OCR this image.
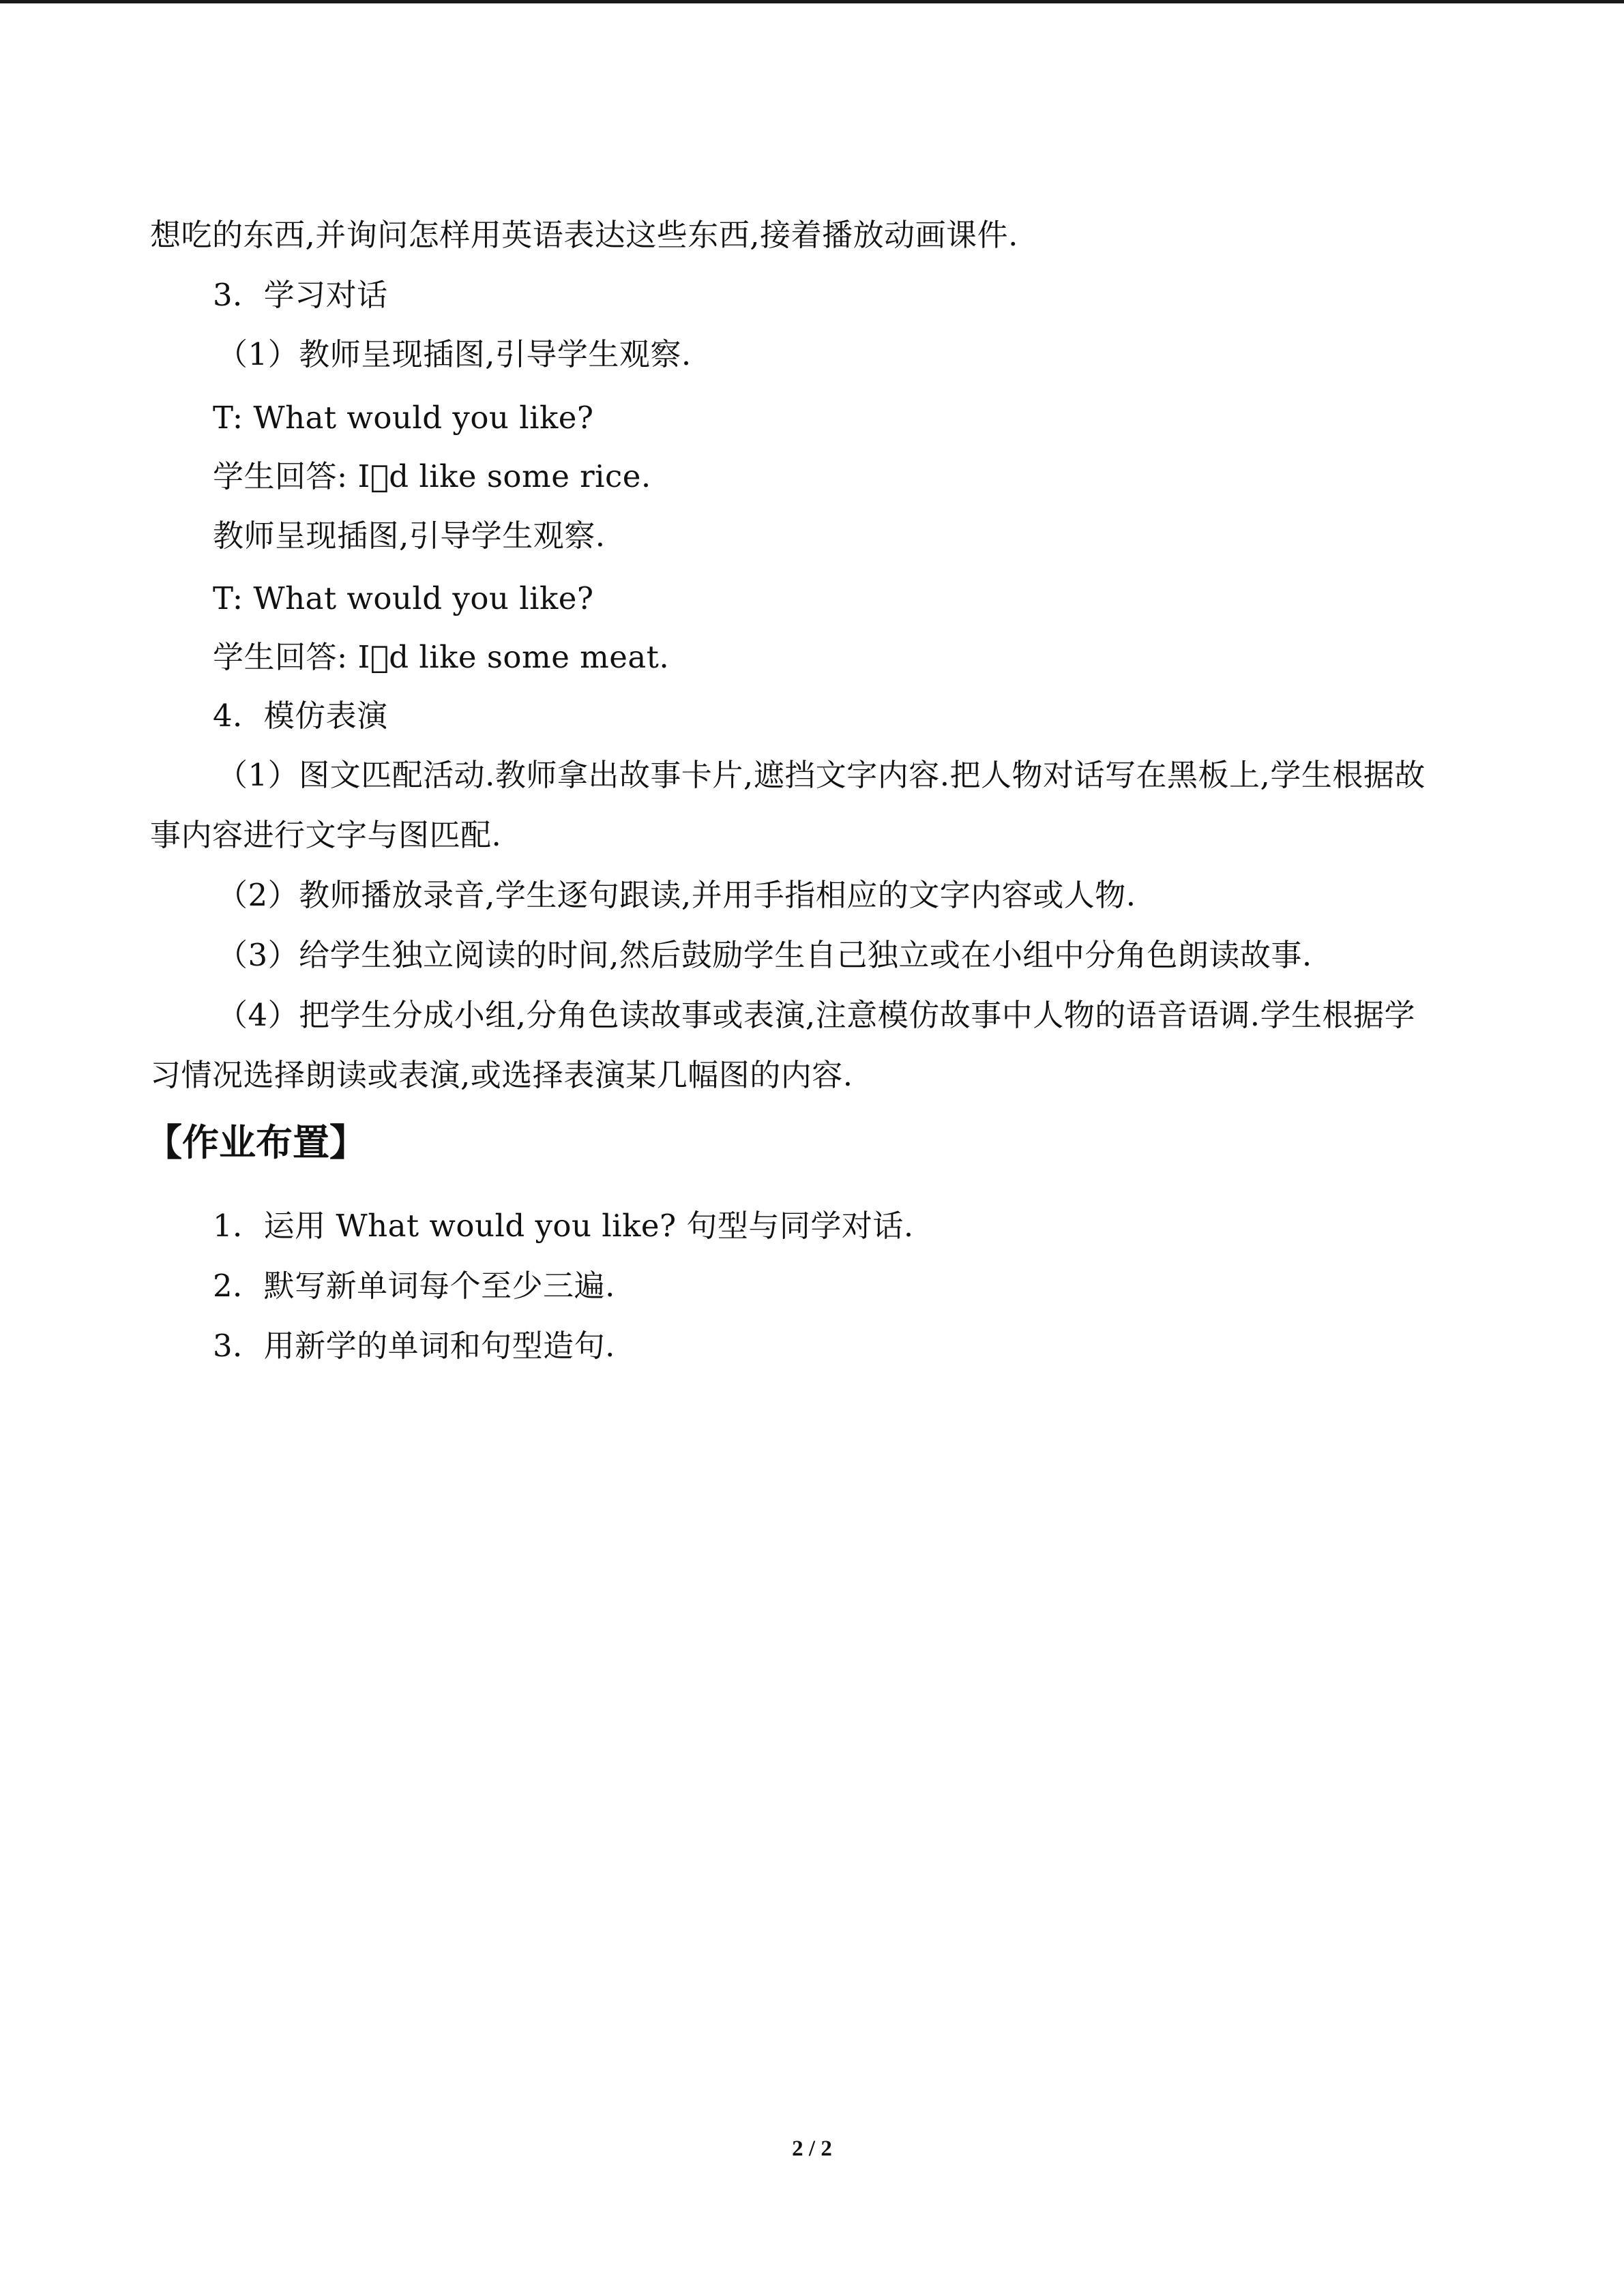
想吃的东西,并询问怎样用英语表达这些东西,接着播放动画课件.
3．学习对话
（1）教师呈现插图,引导学生观察.
T: What would you like?
学生回答: I d like some rice.
教师呈现插图,引导学生观察.
T: What would you like?
学生回答: I d like some meat.
4．模仿表演
（1）图文匹配活动.教师拿出故事卡片,遮挡文字内容.把人物对话写在黑板上,学生根据故
事内容进行文字与图匹配.
（2）教师播放录音,学生逐句跟读,并用手指相应的文字内容或人物.
（3）给学生独立阅读的时间,然后鼓励学生自己独立或在小组中分角色朗读故事.
（4）把学生分成小组,分角色读故事或表演,注意模仿故事中人物的语音语调.学生根据学
习情况选择朗读或表演,或选择表演某几幅图的内容.
【作业布置】
1．运用 What would you like? 句型与同学对话.
2．默写新单词每个至少三遍.
3．用新学的单词和句型造句.
2 / 2
